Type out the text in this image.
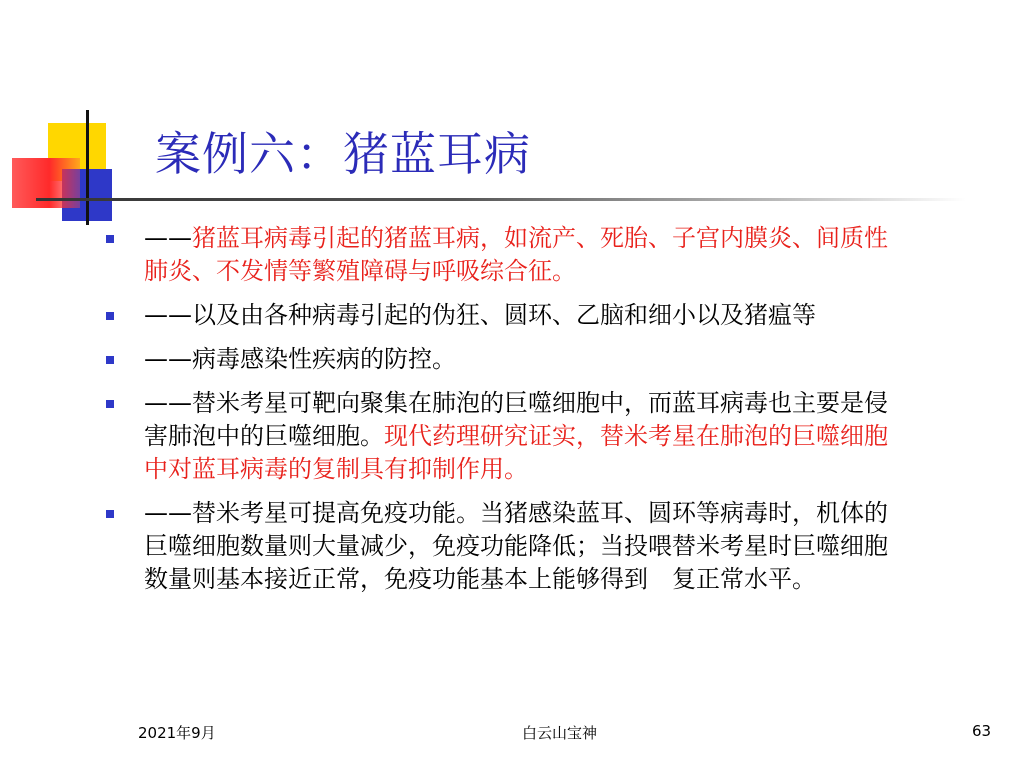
案例六：猪蓝耳病
——猪蓝耳病毒引起的猪蓝耳病，如流产、死胎、子宫内膜炎、间质性肺炎、不发情等繁殖障碍与呼吸综合征。
——以及由各种病毒引起的伪狂、圆环、乙脑和细小以及猪瘟等
——病毒感染性疾病的防控。
——替米考星可靶向聚集在肺泡的巨噬细胞中，而蓝耳病毒也主要是侵害肺泡中的巨噬细胞。现代药理研究证实，替米考星在肺泡的巨噬细胞中对蓝耳病毒的复制具有抑制作用。
——替米考星可提高免疫功能。当猪感染蓝耳、圆环等病毒时，机体的巨噬细胞数量则大量减少，免疫功能降低；当投喂替米考星时巨噬细胞数量则基本接近正常，免疫功能基本上能够得到　复正常水平。
2021年9月	白云山宝神	63
